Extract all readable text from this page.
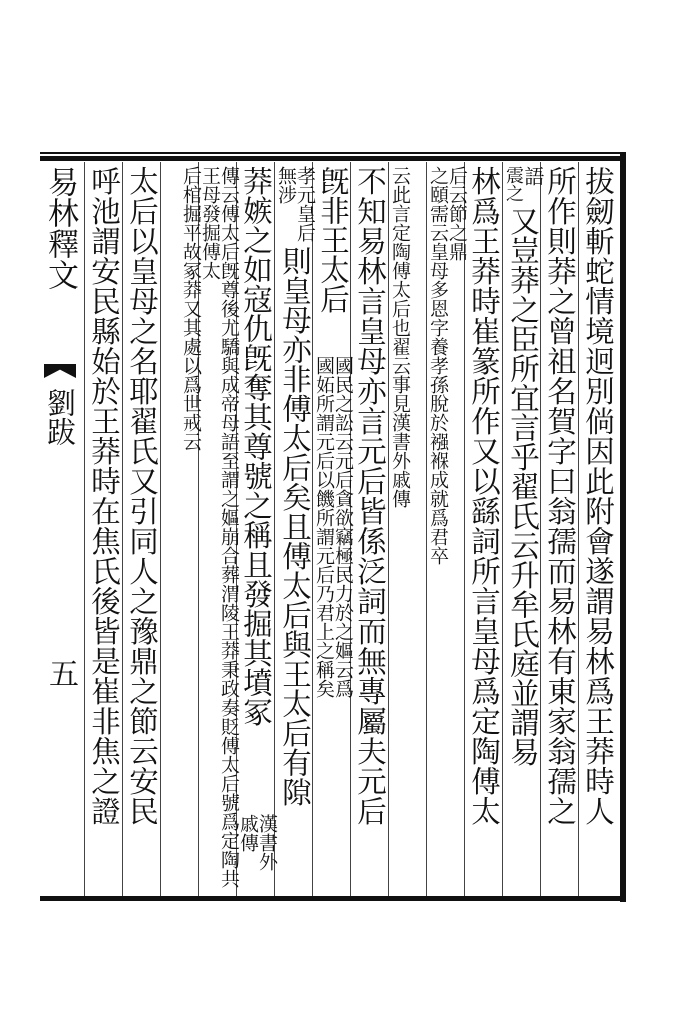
拔劒斬蛇情境迥別倘因此附會遂謂易林爲王莽時人
所作則莽之曾祖名賀字曰翁孺而易林有東家翁孺之
語
震之
又豈莽之臣所宜言乎翟氏云升牟氏庭並謂易
林爲王莽時崔篆所作又以繇詞所言皇母爲定陶傅太
后云節之鼎
之頤需云皇母多恩字養孝孫脫於襁褓成就爲君卒
云此言定陶傅太后也翟云事見漢書外戚傳
不知易林言皇母亦言元后皆係泛詞而無專屬夫元后
旣非王太后
國民之訟云元后貪欲竊極民力於之嫗云爲
國妬所謂元后以饑所謂元后乃君上之稱矣
孝元皇后
無涉
則皇母亦非傅太后矣且傅太后與王太后有隙
莽嫉之如寇仇旣奪其尊號之稱且發掘其墳冢
漢書外
戚傳
傳云傅太后旣尊後尤驕與成帝母語至謂之嫗崩合葬渭陵王莽秉政奏貶傅太后號爲定陶共王母發掘傅太
后棺掘平故冢莽又其處以爲世戒云
太后以皇母之名耶翟氏又引同人之豫鼎之節云安民
呼池謂安民縣始於王莽時在焦氏後皆是崔非焦之證
易林釋文
劉跋
五
